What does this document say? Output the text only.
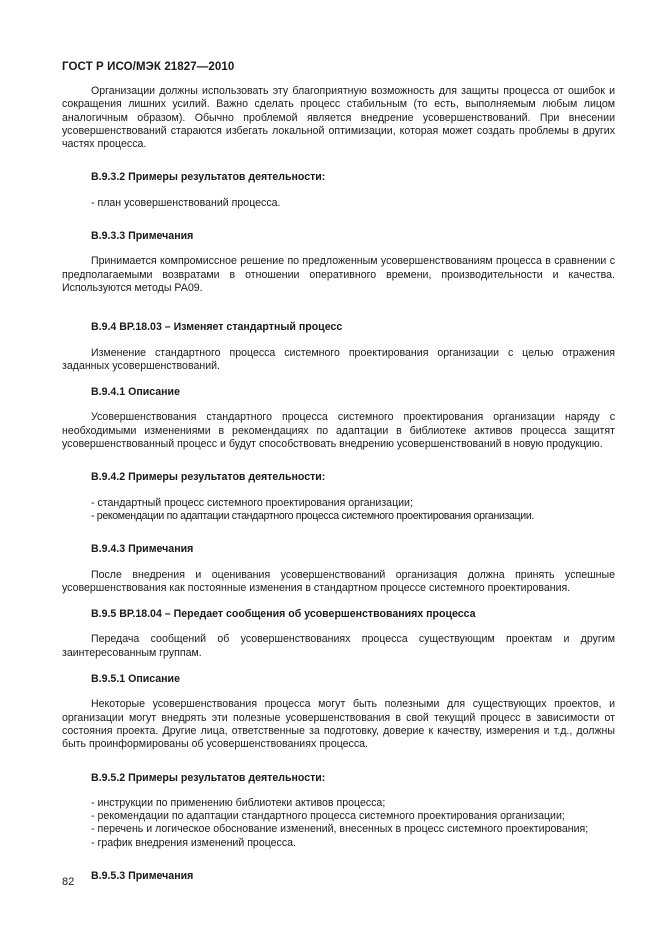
ГОСТ Р ИСО/МЭК 21827—2010

Организации должны использовать эту благоприятную возможность для защиты процесса от ошибок и сокращения лишних усилий. Важно сделать процесс стабильным (то есть, выполняемым любым лицом аналогичным образом). Обычно проблемой является внедрение усовершенствований. При внесении усовершенствований стараются избегать локальной оптимизации, которая может создать проблемы в других частях процесса.

В.9.3.2 Примеры результатов деятельности:
- план усовершенствований процесса.
В.9.3.3 Примечания

Принимается компромиссное решение по предложенным усовершенствованиям процесса в сравнении с предполагаемыми возвратами в отношении оперативного времени, производительности и качества. Используются методы РА09.

В.9.4 ВР.18.03 – Изменяет стандартный процесс

Изменение стандартного процесса системного проектирования организации с целью отражения заданных усовершенствований.

В.9.4.1 Описание

Усовершенствования стандартного процесса системного проектирования организации наряду с необходимыми изменениями в рекомендациях по адаптации в библиотеке активов процесса защитят усовершенствованный процесс и будут способствовать внедрению усовершенствований в новую продукцию.

В.9.4.2 Примеры результатов деятельности:
- стандартный процесс системного проектирования организации;
- рекомендации по адаптации стандартного процесса системного проектирования организации.
В.9.4.3 Примечания

После внедрения и оценивания усовершенствований организация должна принять успешные усовершенствования как постоянные изменения в стандартном процессе системного проектирования.

В.9.5 ВР.18.04 – Передает сообщения об усовершенствованиях процесса

Передача сообщений об усовершенствованиях процесса существующим проектам и другим заинтересованным группам.

В.9.5.1 Описание

Некоторые усовершенствования процесса могут быть полезными для существующих проектов, и организации могут внедрять эти полезные усовершенствования в свой текущий процесс в зависимости от состояния проекта. Другие лица, ответственные за подготовку, доверие к качеству, измерения и т.д., должны быть проинформированы об усовершенствованиях процесса.

В.9.5.2 Примеры результатов деятельности:
- инструкции по применению библиотеки активов процесса;
- рекомендации по адаптации стандартного процесса системного проектирования организации;
- перечень и логическое обоснование изменений, внесенных в процесс системного проектирования;
- график внедрения изменений процесса.
В.9.5.3 Примечания
82
